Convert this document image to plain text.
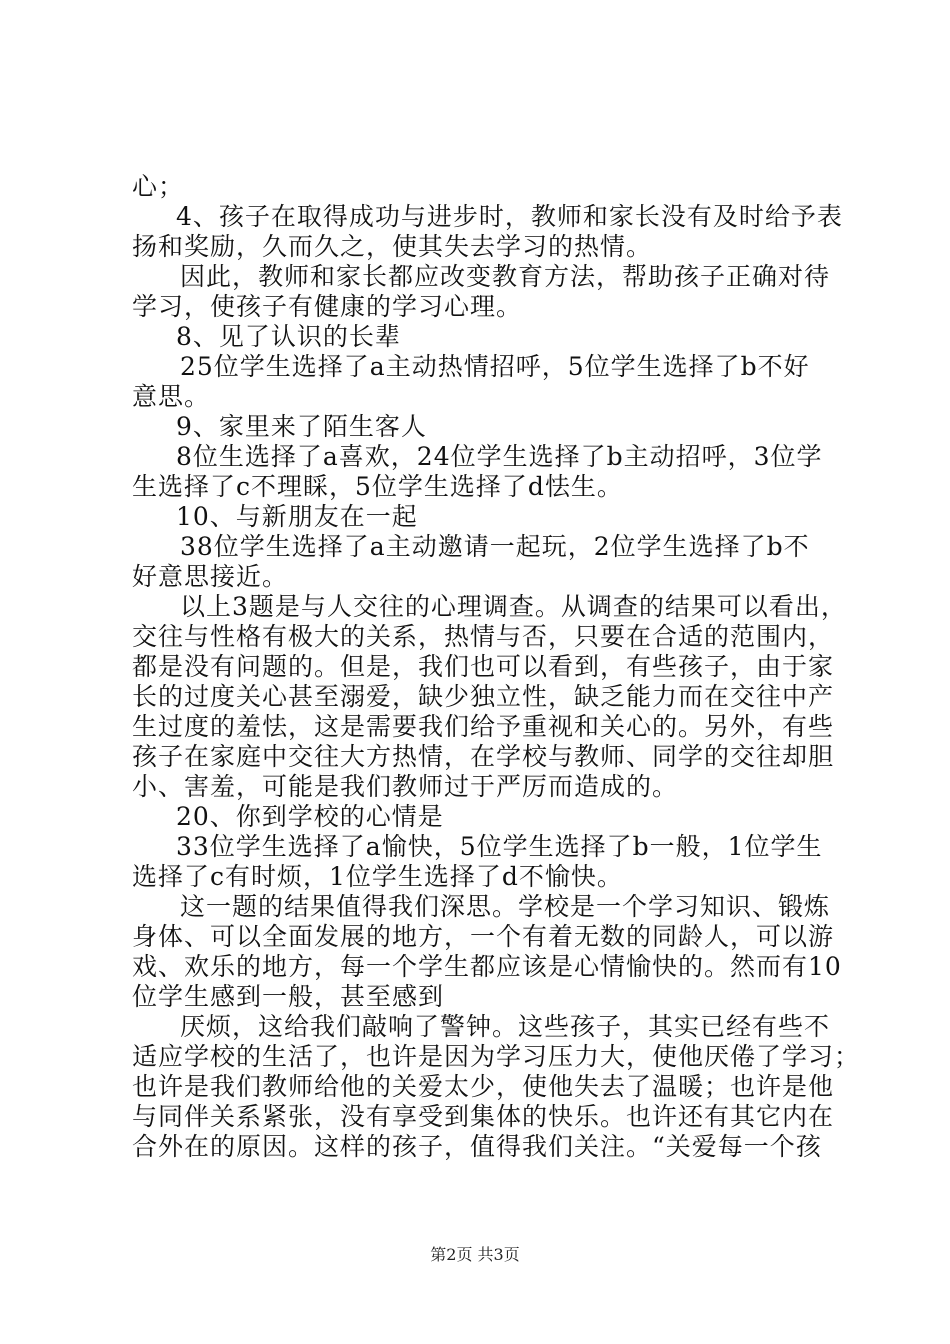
心；
4、孩子在取得成功与进步时，教师和家长没有及时给予表
扬和奖励，久而久之，使其失去学习的热情。
因此，教师和家长都应改变教育方法，帮助孩子正确对待
学习，使孩子有健康的学习心理。
8、见了认识的长辈
25位学生选择了a主动热情招呼，5位学生选择了b不好
意思。
9、家里来了陌生客人
8位生选择了a喜欢，24位学生选择了b主动招呼，3位学
生选择了c不理睬，5位学生选择了d怯生。
10、与新朋友在一起
38位学生选择了a主动邀请一起玩，2位学生选择了b不
好意思接近。
以上3题是与人交往的心理调查。从调查的结果可以看出，
交往与性格有极大的关系，热情与否，只要在合适的范围内，
都是没有问题的。但是，我们也可以看到，有些孩子，由于家
长的过度关心甚至溺爱，缺少独立性，缺乏能力而在交往中产
生过度的羞怯，这是需要我们给予重视和关心的。另外，有些
孩子在家庭中交往大方热情，在学校与教师、同学的交往却胆
小、害羞，可能是我们教师过于严厉而造成的。
20、你到学校的心情是
33位学生选择了a愉快，5位学生选择了b一般，1位学生
选择了c有时烦，1位学生选择了d不愉快。
这一题的结果值得我们深思。学校是一个学习知识、锻炼
身体、可以全面发展的地方，一个有着无数的同龄人，可以游
戏、欢乐的地方，每一个学生都应该是心情愉快的。然而有10
位学生感到一般，甚至感到
厌烦，这给我们敲响了警钟。这些孩子，其实已经有些不
适应学校的生活了，也许是因为学习压力大，使他厌倦了学习；
也许是我们教师给他的关爱太少，使他失去了温暖；也许是他
与同伴关系紧张，没有享受到集体的快乐。也许还有其它内在
合外在的原因。这样的孩子，值得我们关注。“关爱每一个孩
第2页 共3页
